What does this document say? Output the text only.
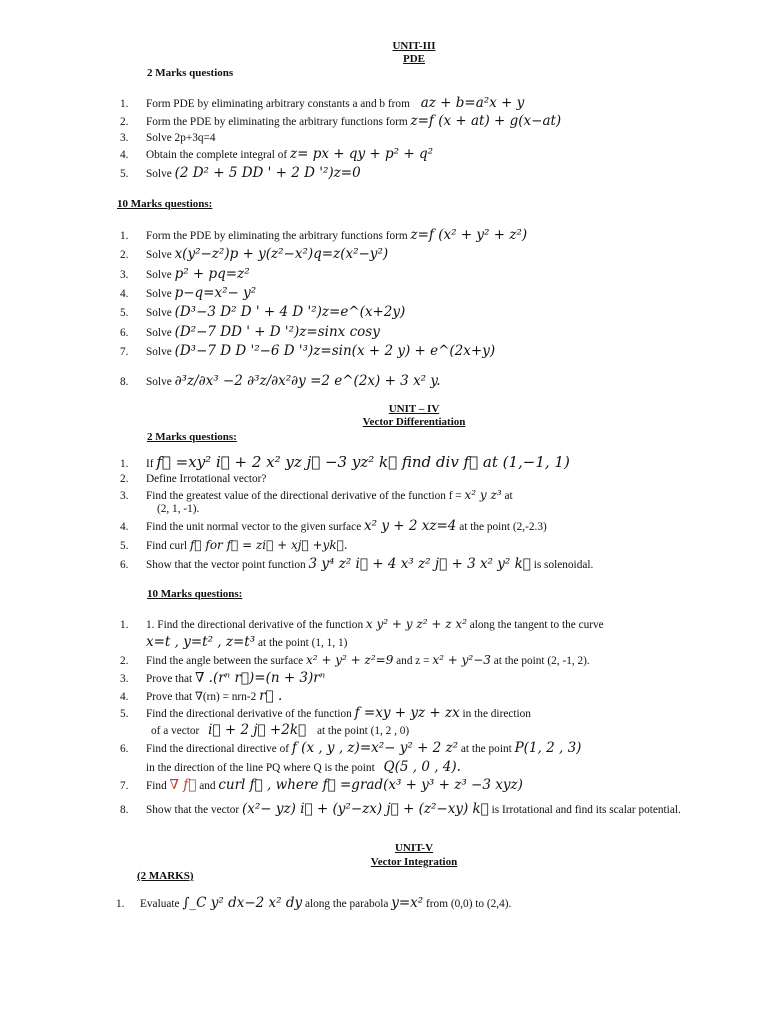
UNIT-III
PDE
2 Marks questions
1. Form PDE by eliminating arbitrary constants a and b from az + b=a²x + y
2. Form the PDE by eliminating the arbitrary functions form z=f (x + at) + g(x−at)
3. Solve 2p+3q=4
4. Obtain the complete integral of z= px + qy + p² + q²
5. Solve (2 D² + 5 DD ' + 2 D '²)z=0
10 Marks questions:
1. Form the PDE by eliminating the arbitrary functions form z=f (x² + y² + z²)
2. Solve x(y²−z²)p + y(z²−x²)q=z(x²−y²)
3. Solve p² + pq=z²
4. Solve p−q=x²− y²
5. Solve (D³−3 D² D ' + 4 D '²)z=e^(x+2y)
6. Solve (D²−7 DD ' + D '²)z=sinx cosy
7. Solve (D³−7 D D '²−6 D '³)z=sin(x + 2 y) + e^(2x+y)
8. Solve ∂³z/∂x³ −2 ∂³z/∂x²∂y =2 e^(2x) + 3 x² y.
UNIT – IV
Vector Differentiation
2 Marks questions:
1. If f⃗ =xy² i⃗ + 2 x² yz j⃗ −3 yz² k⃗ find div f⃗ at (1,−1, 1)
2. Define Irrotational vector?
3. Find the greatest value of the directional derivative of the function f = x² y z³ at
(2, 1, -1).
4. Find the unit normal vector to the given surface x² y + 2 xz=4 at the point (2,-2.3)
5. Find curl f⃗ for f⃗ = zi⃗ + xj⃗ +yk⃗.
6. Show that the vector point function 3 y⁴ z² i⃗ + 4 x³ z² j⃗ + 3 x² y² k⃗ is solenoidal.
10 Marks questions:
1. 1. Find the directional derivative of the function x y² + y z² + z x² along the tangent to the curve
x=t , y=t² , z=t³ at the point (1, 1, 1)
2. Find the angle between the surface x² + y² + z²=9 and z = x² + y²−3 at the point (2, -1, 2).
3. Prove that ∇ .(rⁿ r⃗)=(n + 3)rⁿ
4. Prove that ∇(rn) = nrn-2 r⃗ .
5. Find the directional derivative of the function f =xy + yz + zx in the direction
of a vector i⃗ + 2 j⃗ +2k⃗ at the point (1, 2 , 0)
6. Find the directional directive of f (x , y , z)=x²− y² + 2 z² at the point P(1, 2 , 3)
in the direction of the line PQ where Q is the point Q(5 , 0 , 4).
7. Find ∇ f⃗ and curl f⃗ , where f⃗ =grad(x³ + y³ + z³ −3 xyz)
8. Show that the vector (x²− yz) i⃗ + (y²−zx) j⃗ + (z²−xy) k⃗ is Irrotational and find its scalar potential.
UNIT-V
Vector Integration
(2 MARKS)
1. Evaluate ∫_C y² dx−2 x² dy along the parabola y=x² from (0,0) to (2,4).
